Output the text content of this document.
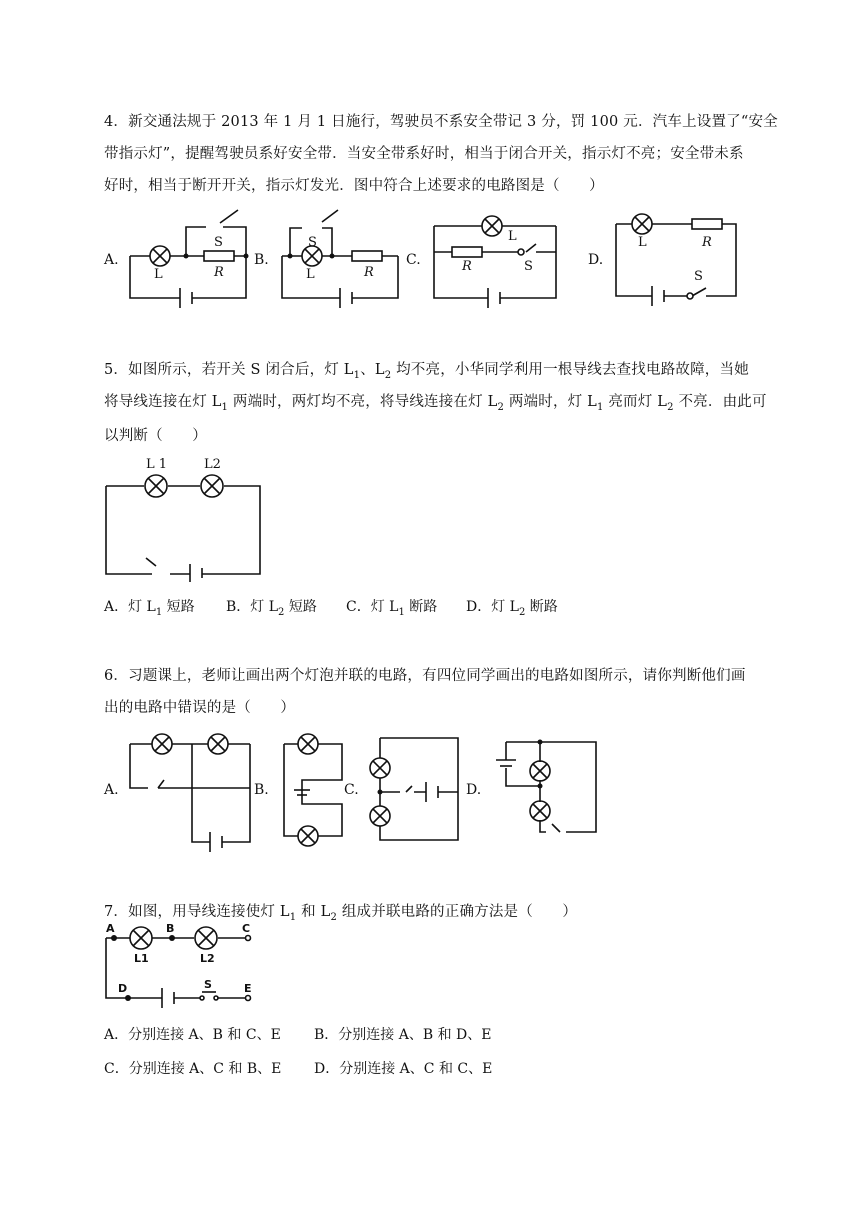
4．新交通法规于 2013 年 1 月 1 日施行，驾驶员不系安全带记 3 分，罚 100 元．汽车上设置了“安全
带指示灯”，提醒驾驶员系好安全带．当安全带系好时，相当于闭合开关，指示灯不亮；安全带未系
好时，相当于断开开关，指示灯发光．图中符合上述要求的电路图是（　　）
A.	B.	C.	D.
L	R
S	S
L	R
L
R	S
L	R
S
5．如图所示，若开关 S 闭合后，灯 $L_1$、$L_2$ 均不亮，小华同学利用一根导线去查找电路故障，当她
将导线连接在灯 $L_1$ 两端时，两灯均不亮，将导线连接在灯 $L_2$ 两端时，灯 $L_1$ 亮而灯 $L_2$ 不亮．由此可
以判断（　　）
L 1	L2
A．灯 $L_1$ 短路 B．灯 $L_2$ 短路 C．灯 $L_1$ 断路 D．灯 $L_2$ 断路
6．习题课上，老师让画出两个灯泡并联的电路，有四位同学画出的电路如图所示，请你判断他们画
出的电路中错误的是（　　）
A.	B.	C.	D.
7．如图，用导线连接使灯 $L_1$ 和 $L_2$ 组成并联电路的正确方法是（　　）
A	B	C
D	S	E
L1	L2
A．分别连接 A、B 和 C、E B．分别连接 A、B 和 D、E
C．分别连接 A、C 和 B、E D．分别连接 A、C 和 C、E
